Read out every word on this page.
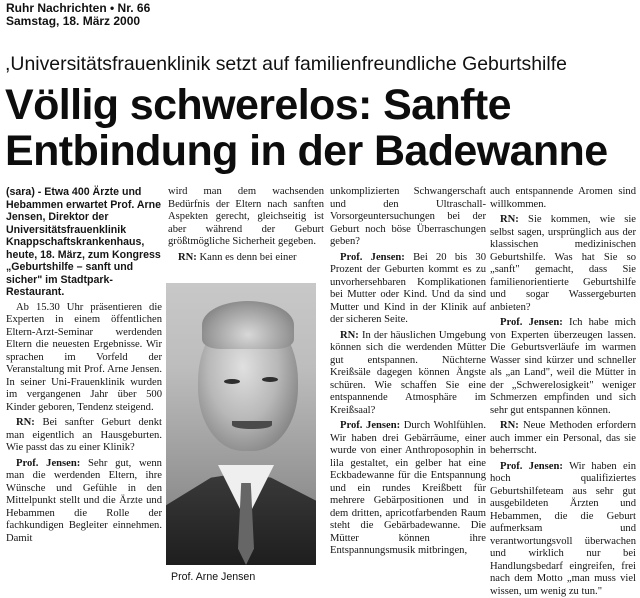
Ruhr Nachrichten • Nr. 66
Samstag, 18. März 2000
,Universitätsfrauenklinik setzt auf familienfreundliche Geburtshilfe
Völlig schwerelos: Sanfte
Entbindung in der Badewanne

(sara) - Etwa 400 Ärzte und Hebammen erwartet Prof. Arne Jensen, Direktor der Universitätsfrauenklinik Knappschaftskrankenhaus, heute, 18. März, zum Kongress „Geburtshilfe – sanft und sicher" im Stadtpark-Restaurant.

Ab 15.30 Uhr präsentieren die Experten in einem öffentlichen Eltern-Arzt-Seminar werdenden Eltern die neuesten Ergebnisse. Wir sprachen im Vorfeld der Veranstaltung mit Prof. Arne Jensen. In seiner Uni-Frauenklinik wurden im vergangenen Jahr über 500 Kinder geboren, Tendenz steigend.

RN: Bei sanfter Geburt denkt man eigentlich an Hausgeburten. Wie passt das zu einer Klinik?

Prof. Jensen: Sehr gut, wenn man die werdenden Eltern, ihre Wünsche und Gefühle in den Mittelpunkt stellt und die Ärzte und Hebammen die Rolle der fachkundigen Begleiter einnehmen. Damit

wird man dem wachsenden Bedürfnis der Eltern nach sanften Aspekten gerecht, gleichseitig ist aber während der Geburt größtmögliche Sicherheit gegeben.

RN: Kann es denn bei einer

Prof. Arne Jensen

unkomplizierten Schwangerschaft und den Ultraschall-Vorsorgeuntersuchungen bei der Geburt noch böse Überraschungen geben?

Prof. Jensen: Bei 20 bis 30 Prozent der Geburten kommt es zu unvorhersehbaren Komplikationen bei Mutter oder Kind. Und da sind Mutter und Kind in der Klinik auf der sicheren Seite.

RN: In der häuslichen Umgebung können sich die werdenden Mütter gut entspannen. Nüchterne Kreißsäle dagegen können Ängste schüren. Wie schaffen Sie eine entspannende Atmosphäre im Kreißsaal?

Prof. Jensen: Durch Wohlfühlen. Wir haben drei Gebärräume, einer wurde von einer Anthroposophin in lila gestaltet, ein gelber hat eine Eckbadewanne für die Entspannung und ein rundes Kreißbett für mehrere Gebärpositionen und in dem dritten, apricotfarbenden Raum steht die Gebärbadewanne. Die Mütter können ihre Entspannungsmusik mitbringen,

auch entspannende Aromen sind willkommen.

RN: Sie kommen, wie sie selbst sagen, ursprünglich aus der klassischen medizinischen Geburtshilfe. Was hat Sie so „sanft" gemacht, dass Sie familienorientierte Geburtshilfe und sogar Wassergeburten anbieten?

Prof. Jensen: Ich habe mich von Experten überzeugen lassen. Die Geburtsverläufe im warmen Wasser sind kürzer und schneller als „an Land", weil die Mütter in der „Schwerelosigkeit" weniger Schmerzen empfinden und sich sehr gut entspannen können.

RN: Neue Methoden erfordern auch immer ein Personal, das sie beherrscht.

Prof. Jensen: Wir haben ein hoch qualifiziertes Geburtshilfeteam aus sehr gut ausgebildeten Ärzten und Hebammen, die die Geburt aufmerksam und verantwortungsvoll überwachen und wirklich nur bei Handlungsbedarf eingreifen, frei nach dem Motto „man muss viel wissen, um wenig zu tun."
